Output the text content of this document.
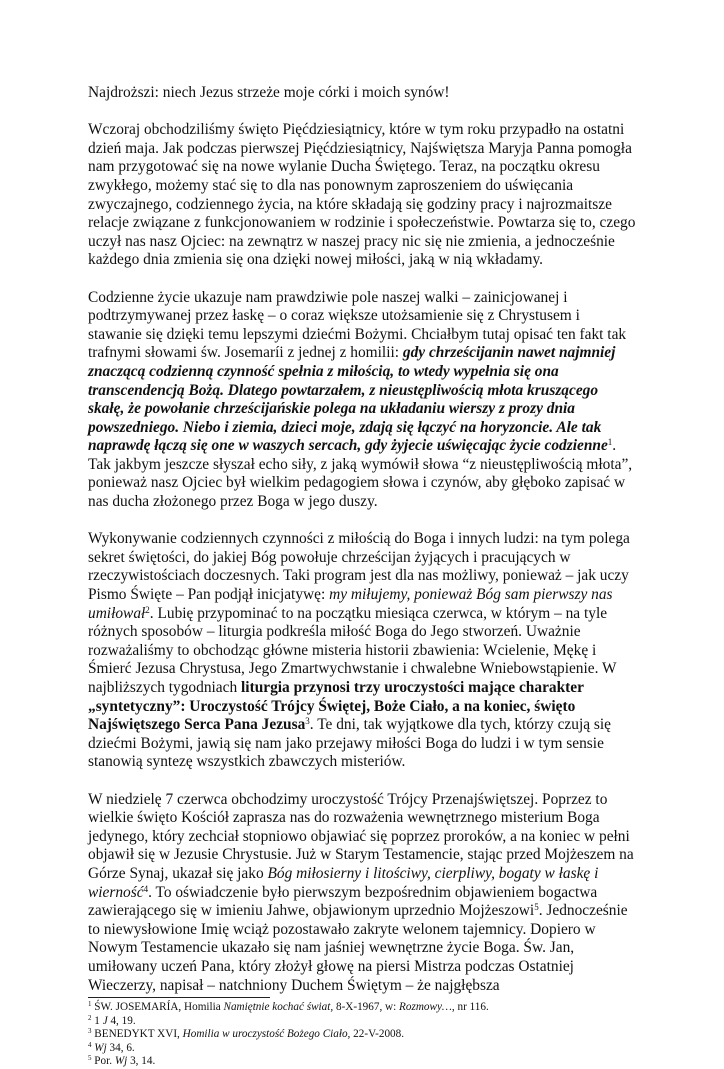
Najdroższi: niech Jezus strzeże moje córki i moich synów!

Wczoraj obchodziliśmy święto Pięćdziesiątnicy, które w tym roku przypadło na ostatni dzień maja. Jak podczas pierwszej Pięćdziesiątnicy, Najświętsza Maryja Panna pomogła nam przygotować się na nowe wylanie Ducha Świętego. Teraz, na początku okresu zwykłego, możemy stać się to dla nas ponownym zaproszeniem do uświęcania zwyczajnego, codziennego życia, na które składają się godziny pracy i najrozmaitsze relacje związane z funkcjonowaniem w rodzinie i społeczeństwie. Powtarza się to, czego uczył nas nasz Ojciec: na zewnątrz w naszej pracy nic się nie zmienia, a jednocześnie każdego dnia zmienia się ona dzięki nowej miłości, jaką w nią wkładamy.

Codzienne życie ukazuje nam prawdziwie pole naszej walki – zainicjowanej i podtrzymywanej przez łaskę – o coraz większe utożsamienie się z Chrystusem i stawanie się dzięki temu lepszymi dziećmi Bożymi. Chciałbym tutaj opisać ten fakt tak trafnymi słowami św. Josemaríi z jednej z homilii: gdy chrześcijanin nawet najmniej znaczącą codzienną czynność spełnia z miłością, to wtedy wypełnia się ona transcendencją Bożą. Dlatego powtarzałem, z nieustępliwością młota kruszącego skałę, że powołanie chrześcijańskie polega na układaniu wierszy z prozy dnia powszedniego. Niebo i ziemia, dzieci moje, zdają się łączyć na horyzoncie. Ale tak naprawdę łączą się one w waszych sercach, gdy żyjecie uświęcając życie codzienne$^1$. Tak jakbym jeszcze słyszał echo siły, z jaką wymówił słowa “z nieustępliwością młota”, ponieważ nasz Ojciec był wielkim pedagogiem słowa i czynów, aby głęboko zapisać w nas ducha złożonego przez Boga w jego duszy.

Wykonywanie codziennych czynności z miłością do Boga i innych ludzi: na tym polega sekret świętości, do jakiej Bóg powołuje chrześcijan żyjących i pracujących w rzeczywistościach doczesnych. Taki program jest dla nas możliwy, ponieważ – jak uczy Pismo Święte – Pan podjął inicjatywę: my miłujemy, ponieważ Bóg sam pierwszy nas umiłował$^2$. Lubię przypominać to na początku miesiąca czerwca, w którym – na tyle różnych sposobów – liturgia podkreśla miłość Boga do Jego stworzeń. Uważnie rozważaliśmy to obchodząc główne misteria historii zbawienia: Wcielenie, Mękę i Śmierć Jezusa Chrystusa, Jego Zmartwychwstanie i chwalebne Wniebowstąpienie. W najbliższych tygodniach liturgia przynosi trzy uroczystości mające charakter „syntetyczny”: Uroczystość Trójcy Świętej, Boże Ciało, a na koniec, święto Najświętszego Serca Pana Jezusa$^3$. Te dni, tak wyjątkowe dla tych, którzy czują się dziećmi Bożymi, jawią się nam jako przejawy miłości Boga do ludzi i w tym sensie stanowią syntezę wszystkich zbawczych misteriów.

W niedzielę 7 czerwca obchodzimy uroczystość Trójcy Przenajświętszej. Poprzez to wielkie święto Kościół zaprasza nas do rozważenia wewnętrznego misterium Boga jedynego, który zechciał stopniowo objawiać się poprzez proroków, a na koniec w pełni objawił się w Jezusie Chrystusie. Już w Starym Testamencie, stając przed Mojżeszem na Górze Synaj, ukazał się jako Bóg miłosierny i litościwy, cierpliwy, bogaty w łaskę i wierność$^4$. To oświadczenie było pierwszym bezpośrednim objawieniem bogactwa zawierającego się w imieniu Jahwe, objawionym uprzednio Mojżeszowi$^5$. Jednocześnie to niewysłowione Imię wciąż pozostawało zakryte welonem tajemnicy. Dopiero w Nowym Testamencie ukazało się nam jaśniej wewnętrzne życie Boga. Św. Jan, umiłowany uczeń Pana, który złożył głowę na piersi Mistrza podczas Ostatniej Wieczerzy, napisał – natchniony Duchem Świętym – że najgłębsza

$^1$ ŚW. JOSEMARÍA, Homilia Namiętnie kochać świat, 8-X-1967, w: Rozmowy…, nr 116.
$^2$ 1 J 4, 19.
$^3$ BENEDYKT XVI, Homilia w uroczystość Bożego Ciało, 22-V-2008.
$^4$ Wj 34, 6.
$^5$ Por. Wj 3, 14.
